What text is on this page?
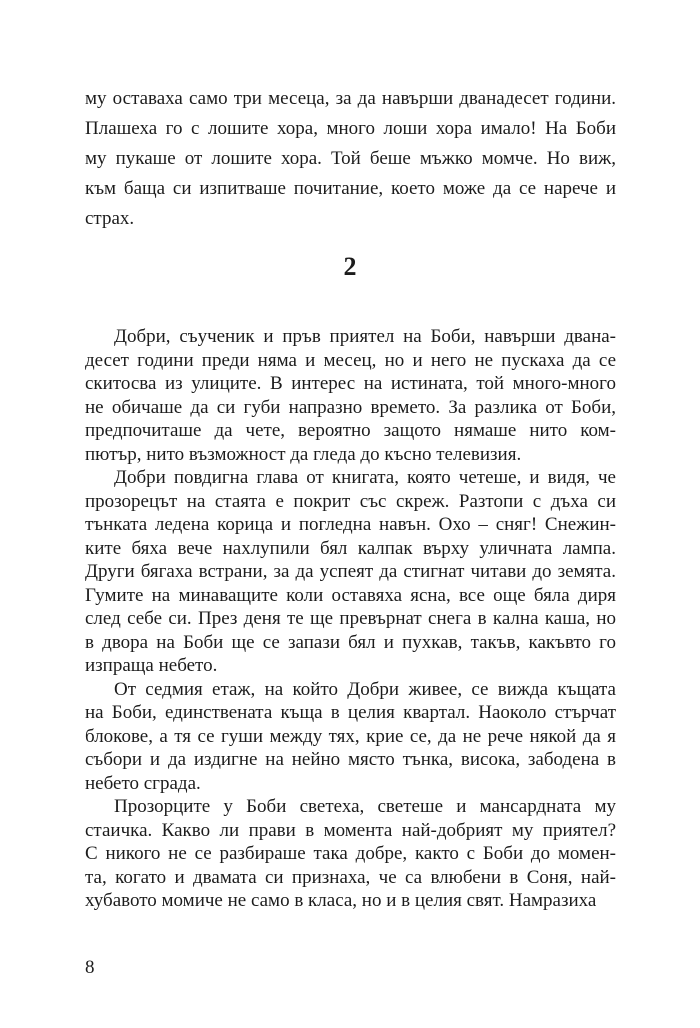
му оставаха само три месеца, за да навърши дванадесет години.
Плашеха го с лошите хора, много лоши хора имало! На Боби
му пукаше от лошите хора. Той беше мъжко момче. Но виж,
към баща си изпитваше почитание, което може да се нарече и
страх.
2
Добри, съученик и пръв приятел на Боби, навърши двана-
десет години преди няма и месец, но и него не пускаха да се
скитосва из улиците. В интерес на истината, той много-много
не обичаше да си губи напразно времето. За разлика от Боби,
предпочиташе да чете, вероятно защото нямаше нито ком-
пютър, нито възможност да гледа до късно телевизия.
Добри повдигна глава от книгата, която четеше, и видя, че
прозорецът на стаята е покрит със скреж. Разтопи с дъха си
тънката ледена корица и погледна навън. Охо – сняг! Снежин-
ките бяха вече нахлупили бял калпак върху уличната лампа.
Други бягаха встрани, за да успеят да стигнат читави до земята.
Гумите на минаващите коли оставяха ясна, все още бяла диря
след себе си. През деня те ще превърнат снега в кална каша, но
в двора на Боби ще се запази бял и пухкав, такъв, какъвто го
изпраща небето.
От седмия етаж, на който Добри живее, се вижда къщата
на Боби, единствената къща в целия квартал. Наоколо стърчат
блокове, а тя се гуши между тях, крие се, да не рече някой да я
събори и да издигне на нейно място тънка, висока, забодена в
небето сграда.
Прозорците у Боби светеха, светеше и мансардната му
стаичка. Какво ли прави в момента най-добрият му приятел?
С никого не се разбираше така добре, както с Боби до момен-
та, когато и двамата си признаха, че са влюбени в Соня, най-
хубавото момиче не само в класа, но и в целия свят. Намразиха
8
